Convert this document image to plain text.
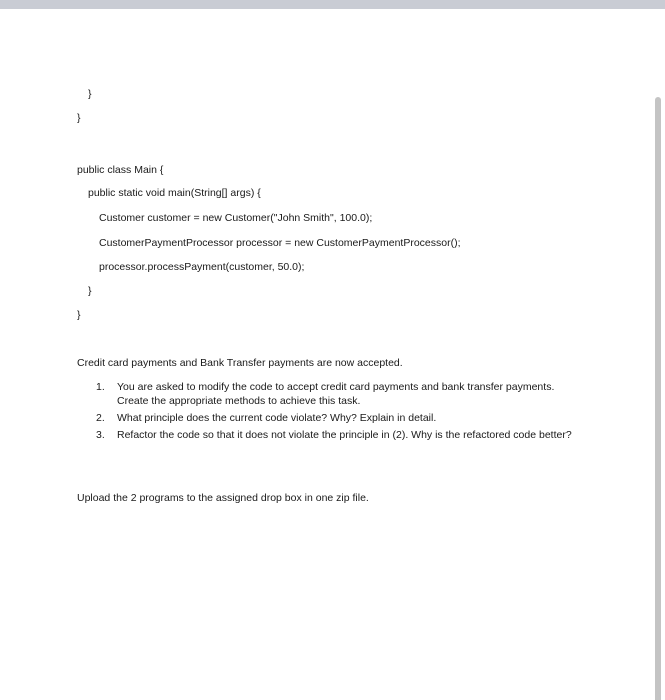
}
}
public class Main {
public static void main(String[] args) {
Customer customer = new Customer("John Smith", 100.0);
CustomerPaymentProcessor processor = new CustomerPaymentProcessor();
processor.processPayment(customer, 50.0);
}
}
Credit card payments and Bank Transfer payments are now accepted.
1. You are asked to modify the code to accept credit card payments and bank transfer payments. Create the appropriate methods to achieve this task.
2. What principle does the current code violate? Why? Explain in detail.
3. Refactor the code so that it does not violate the principle in (2). Why is the refactored code better?
Upload the 2 programs to the assigned drop box in one zip file.
